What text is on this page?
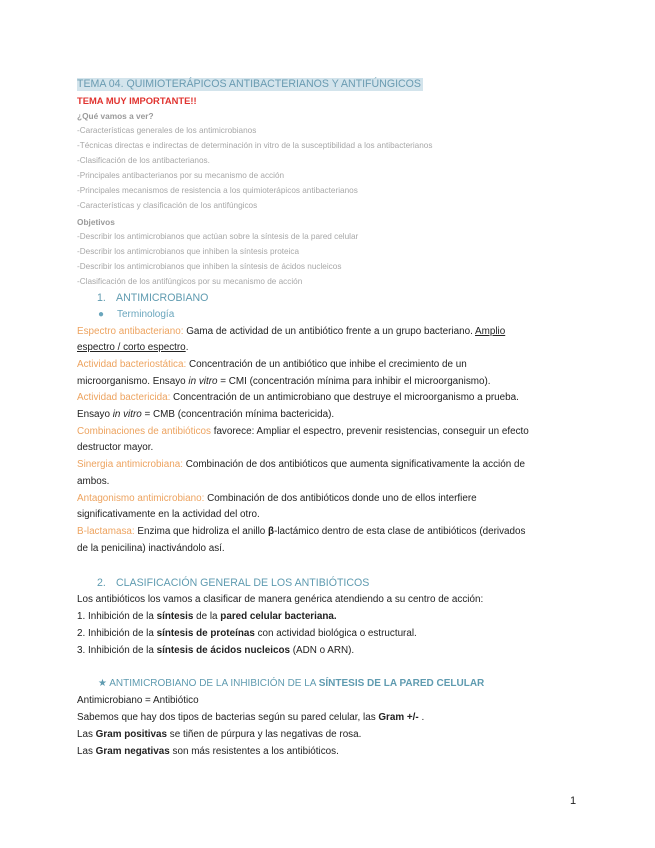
TEMA 04. QUIMIOTERÁPICOS ANTIBACTERIANOS Y ANTIFÚNGICOS
TEMA MUY IMPORTANTE!!
¿Qué vamos a ver?
-Características generales de los antimicrobianos
-Técnicas directas e indirectas de determinación in vitro de la susceptibilidad a los antibacterianos
-Clasificación de los antibacterianos.
-Principales antibacterianos por su mecanismo de acción
-Principales mecanismos de resistencia a los quimioterápicos antibacterianos
-Características y clasificación de los antifúngicos
Objetivos
-Describir los antimicrobianos que actúan sobre la síntesis de la pared celular
-Describir los antimicrobianos que inhiben la síntesis proteica
-Describir los antimicrobianos que inhiben la síntesis de ácidos nucleicos
-Clasificación de los antifúngicos por su mecanismo de acción
1. ANTIMICROBIANO
● Terminología
Espectro antibacteriano: Gama de actividad de un antibiótico frente a un grupo bacteriano. Amplio
espectro / corto espectro.
Actividad bacteriostática: Concentración de un antibiótico que inhibe el crecimiento de un
microorganismo. Ensayo in vitro = CMI (concentración mínima para inhibir el microorganismo).
Actividad bactericida: Concentración de un antimicrobiano que destruye el microorganismo a prueba.
Ensayo in vitro = CMB (concentración mínima bactericida).
Combinaciones de antibióticos favorece: Ampliar el espectro, prevenir resistencias, conseguir un efecto
destructor mayor.
Sinergia antimicrobiana: Combinación de dos antibióticos que aumenta significativamente la acción de
ambos.
Antagonismo antimicrobiano: Combinación de dos antibióticos donde uno de ellos interfiere
significativamente en la actividad del otro.
B-lactamasa: Enzima que hidroliza el anillo β-lactámico dentro de esta clase de antibióticos (derivados
de la penicilina) inactivándolo así.
2. CLASIFICACIÓN GENERAL DE LOS ANTIBIÓTICOS
Los antibióticos los vamos a clasificar de manera genérica atendiendo a su centro de acción:
1. Inhibición de la síntesis de la pared celular bacteriana.
2. Inhibición de la síntesis de proteínas con actividad biológica o estructural.
3. Inhibición de la síntesis de ácidos nucleicos (ADN o ARN).
★ ANTIMICROBIANO DE LA INHIBICIÓN DE LA SÍNTESIS DE LA PARED CELULAR
Antimicrobiano = Antibiótico
Sabemos que hay dos tipos de bacterias según su pared celular, las Gram +/- .
Las Gram positivas se tiñen de púrpura y las negativas de rosa.
Las Gram negativas son más resistentes a los antibióticos.
1
